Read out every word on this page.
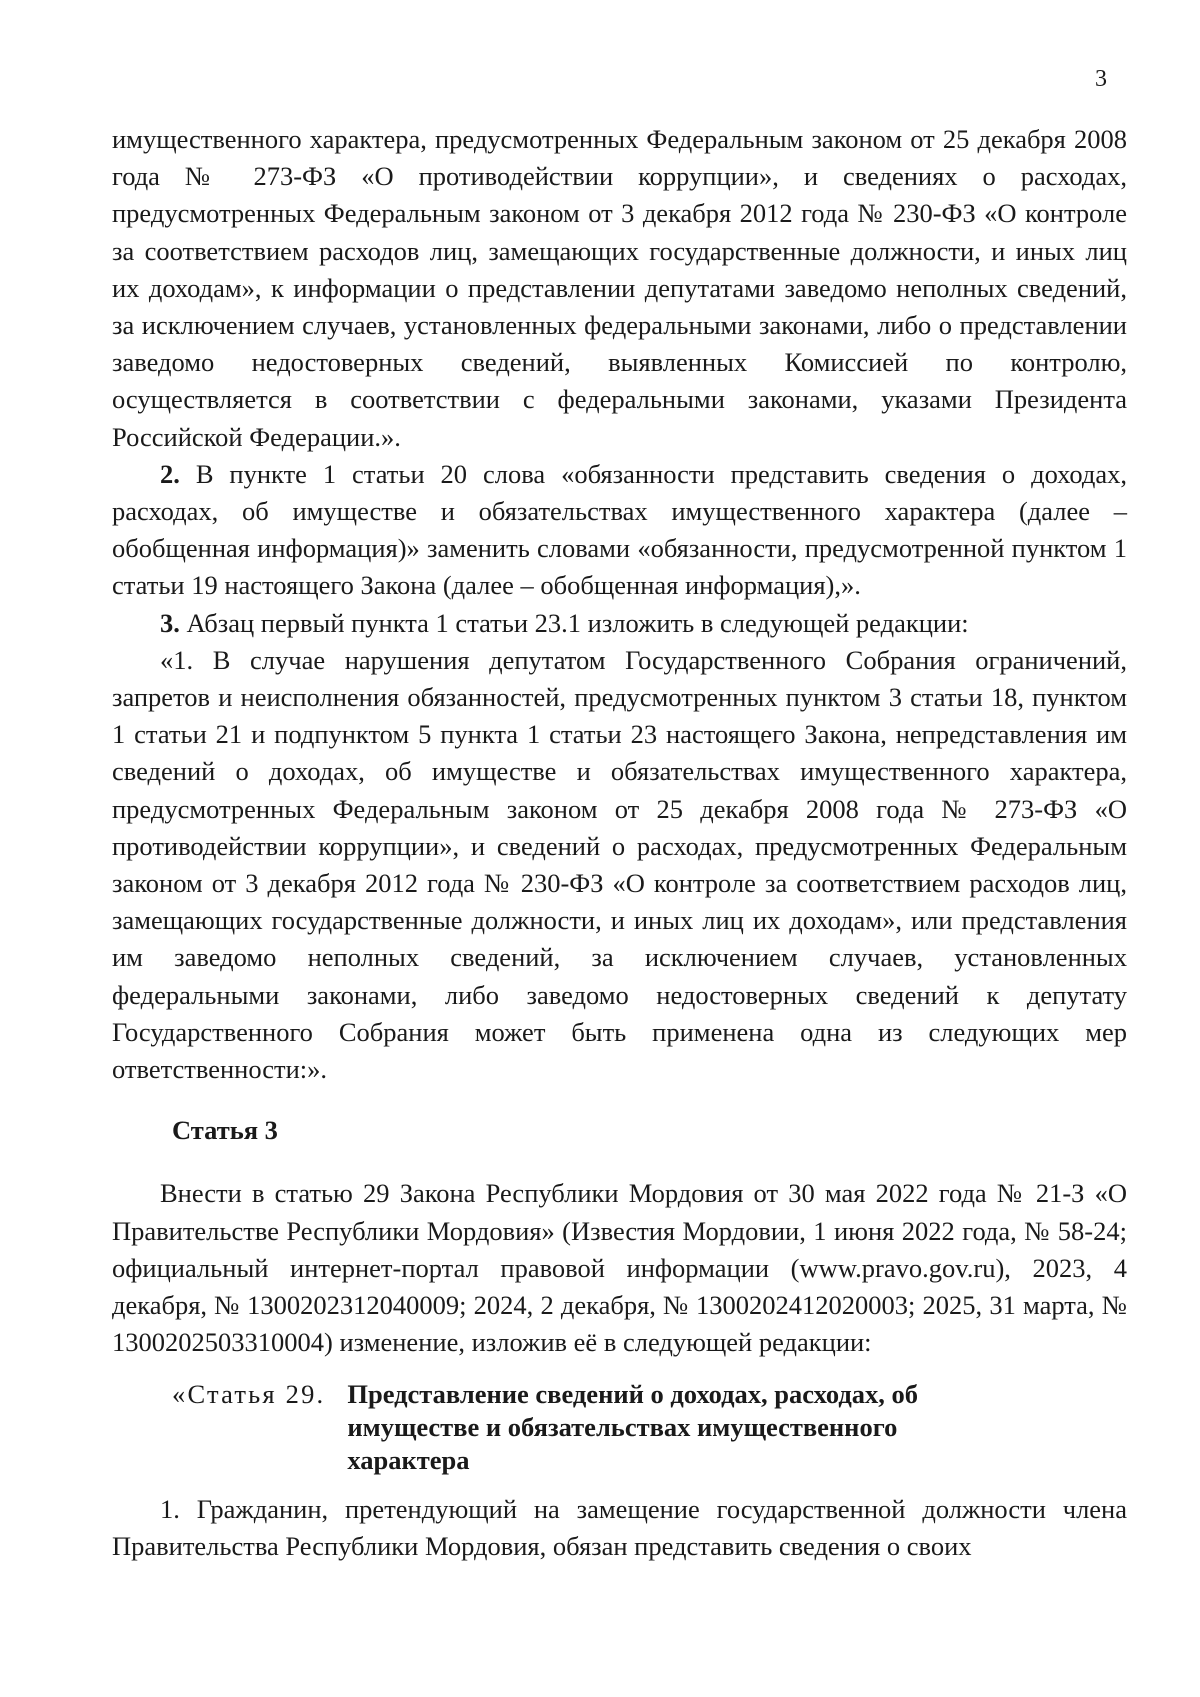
3

имущественного характера, предусмотренных Федеральным законом от 25 декабря 2008 года № 273-ФЗ «О противодействии коррупции», и сведениях о расходах, предусмотренных Федеральным законом от 3 декабря 2012 года № 230-ФЗ «О контроле за соответствием расходов лиц, замещающих государственные должности, и иных лиц их доходам», к информации о представлении депутатами заведомо неполных сведений, за исключением случаев, установленных федеральными законами, либо о представлении заведомо недостоверных сведений, выявленных Комиссией по контролю, осуществляется в соответствии с федеральными законами, указами Президента Российской Федерации.».

2. В пункте 1 статьи 20 слова «обязанности представить сведения о доходах, расходах, об имуществе и обязательствах имущественного характера (далее – обобщенная информация)» заменить словами «обязанности, предусмотренной пунктом 1 статьи 19 настоящего Закона (далее – обобщенная информация),».

3. Абзац первый пункта 1 статьи 23.1 изложить в следующей редакции:

«1. В случае нарушения депутатом Государственного Собрания ограничений, запретов и неисполнения обязанностей, предусмотренных пунктом 3 статьи 18, пунктом 1 статьи 21 и подпунктом 5 пункта 1 статьи 23 настоящего Закона, непредставления им сведений о доходах, об имуществе и обязательствах имущественного характера, предусмотренных Федеральным законом от 25 декабря 2008 года № 273-ФЗ «О противодействии коррупции», и сведений о расходах, предусмотренных Федеральным законом от 3 декабря 2012 года № 230-ФЗ «О контроле за соответствием расходов лиц, замещающих государственные должности, и иных лиц их доходам», или представления им заведомо неполных сведений, за исключением случаев, установленных федеральными законами, либо заведомо недостоверных сведений к депутату Государственного Собрания может быть применена одна из следующих мер ответственности:».

Статья 3

Внести в статью 29 Закона Республики Мордовия от 30 мая 2022 года № 21-З «О Правительстве Республики Мордовия» (Известия Мордовии, 1 июня 2022 года, № 58-24; официальный интернет-портал правовой информации (www.pravo.gov.ru), 2023, 4 декабря, № 1300202312040009; 2024, 2 декабря, № 1300202412020003; 2025, 31 марта, № 1300202503310004) изменение, изложив её в следующей редакции:

«Статья 29. Представление сведений о доходах, расходах, об имуществе и обязательствах имущественного характера

1. Гражданин, претендующий на замещение государственной должности члена Правительства Республики Мордовия, обязан представить сведения о своих
